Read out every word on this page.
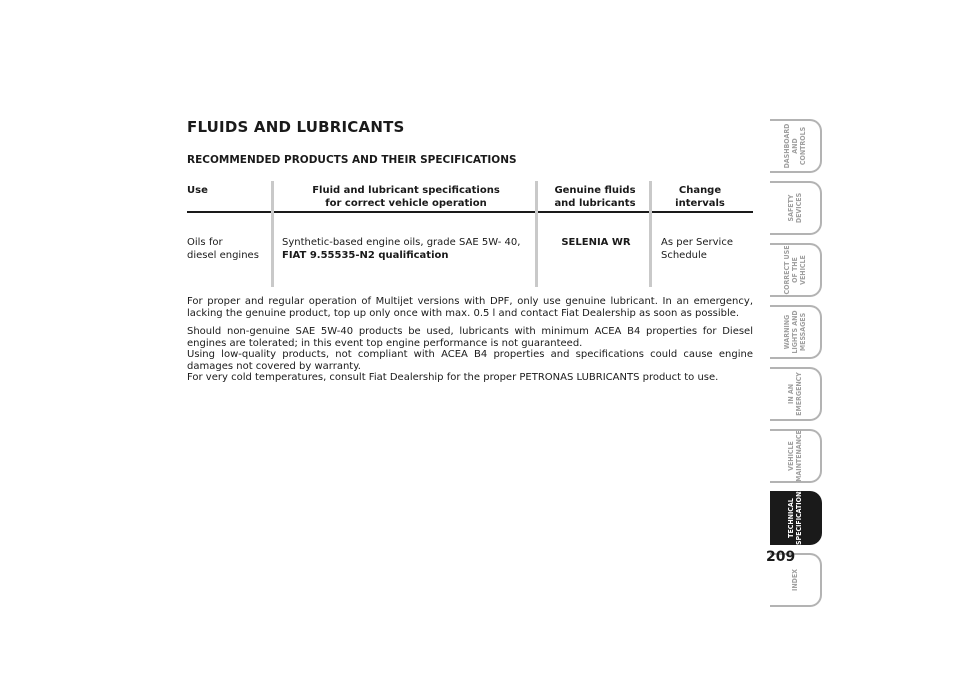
FLUIDS AND LUBRICANTS
RECOMMENDED PRODUCTS AND THEIR SPECIFICATIONS
Use	Fluid and lubricant specifications
for correct vehicle operation
Genuine fluids
and lubricants
Change
intervals
Oils for
diesel engines
Synthetic-based engine oils, grade SAE 5W- 40,
FIAT 9.55535-N2 qualification
SELENIA WR	As per Service
Schedule

For proper and regular operation of Multijet versions with DPF, only use genuine lubricant. In an emergency, lacking the genuine product, top up only once with max. 0.5 l and contact Fiat Dealership as soon as possible.

Should non-genuine SAE 5W-40 products be used, lubricants with minimum ACEA B4 properties for Diesel engines are tolerated; in this event top engine performance is not guaranteed.

Using low-quality products, not compliant with ACEA B4 properties and specifications could cause engine damages not covered by warranty.

For very cold temperatures, consult Fiat Dealership for the proper PETRONAS LUBRICANTS product to use.

DASHBOARD
AND CONTROLS
SAFETY
DEVICES
CORRECT USE
OF THE VEHICLE
WARNING
LIGHTS AND
MESSAGES
IN AN
EMERGENCY
VEHICLE
MAINTENANCE
TECHNICAL
SPECIFICATIONS
INDEX
209
